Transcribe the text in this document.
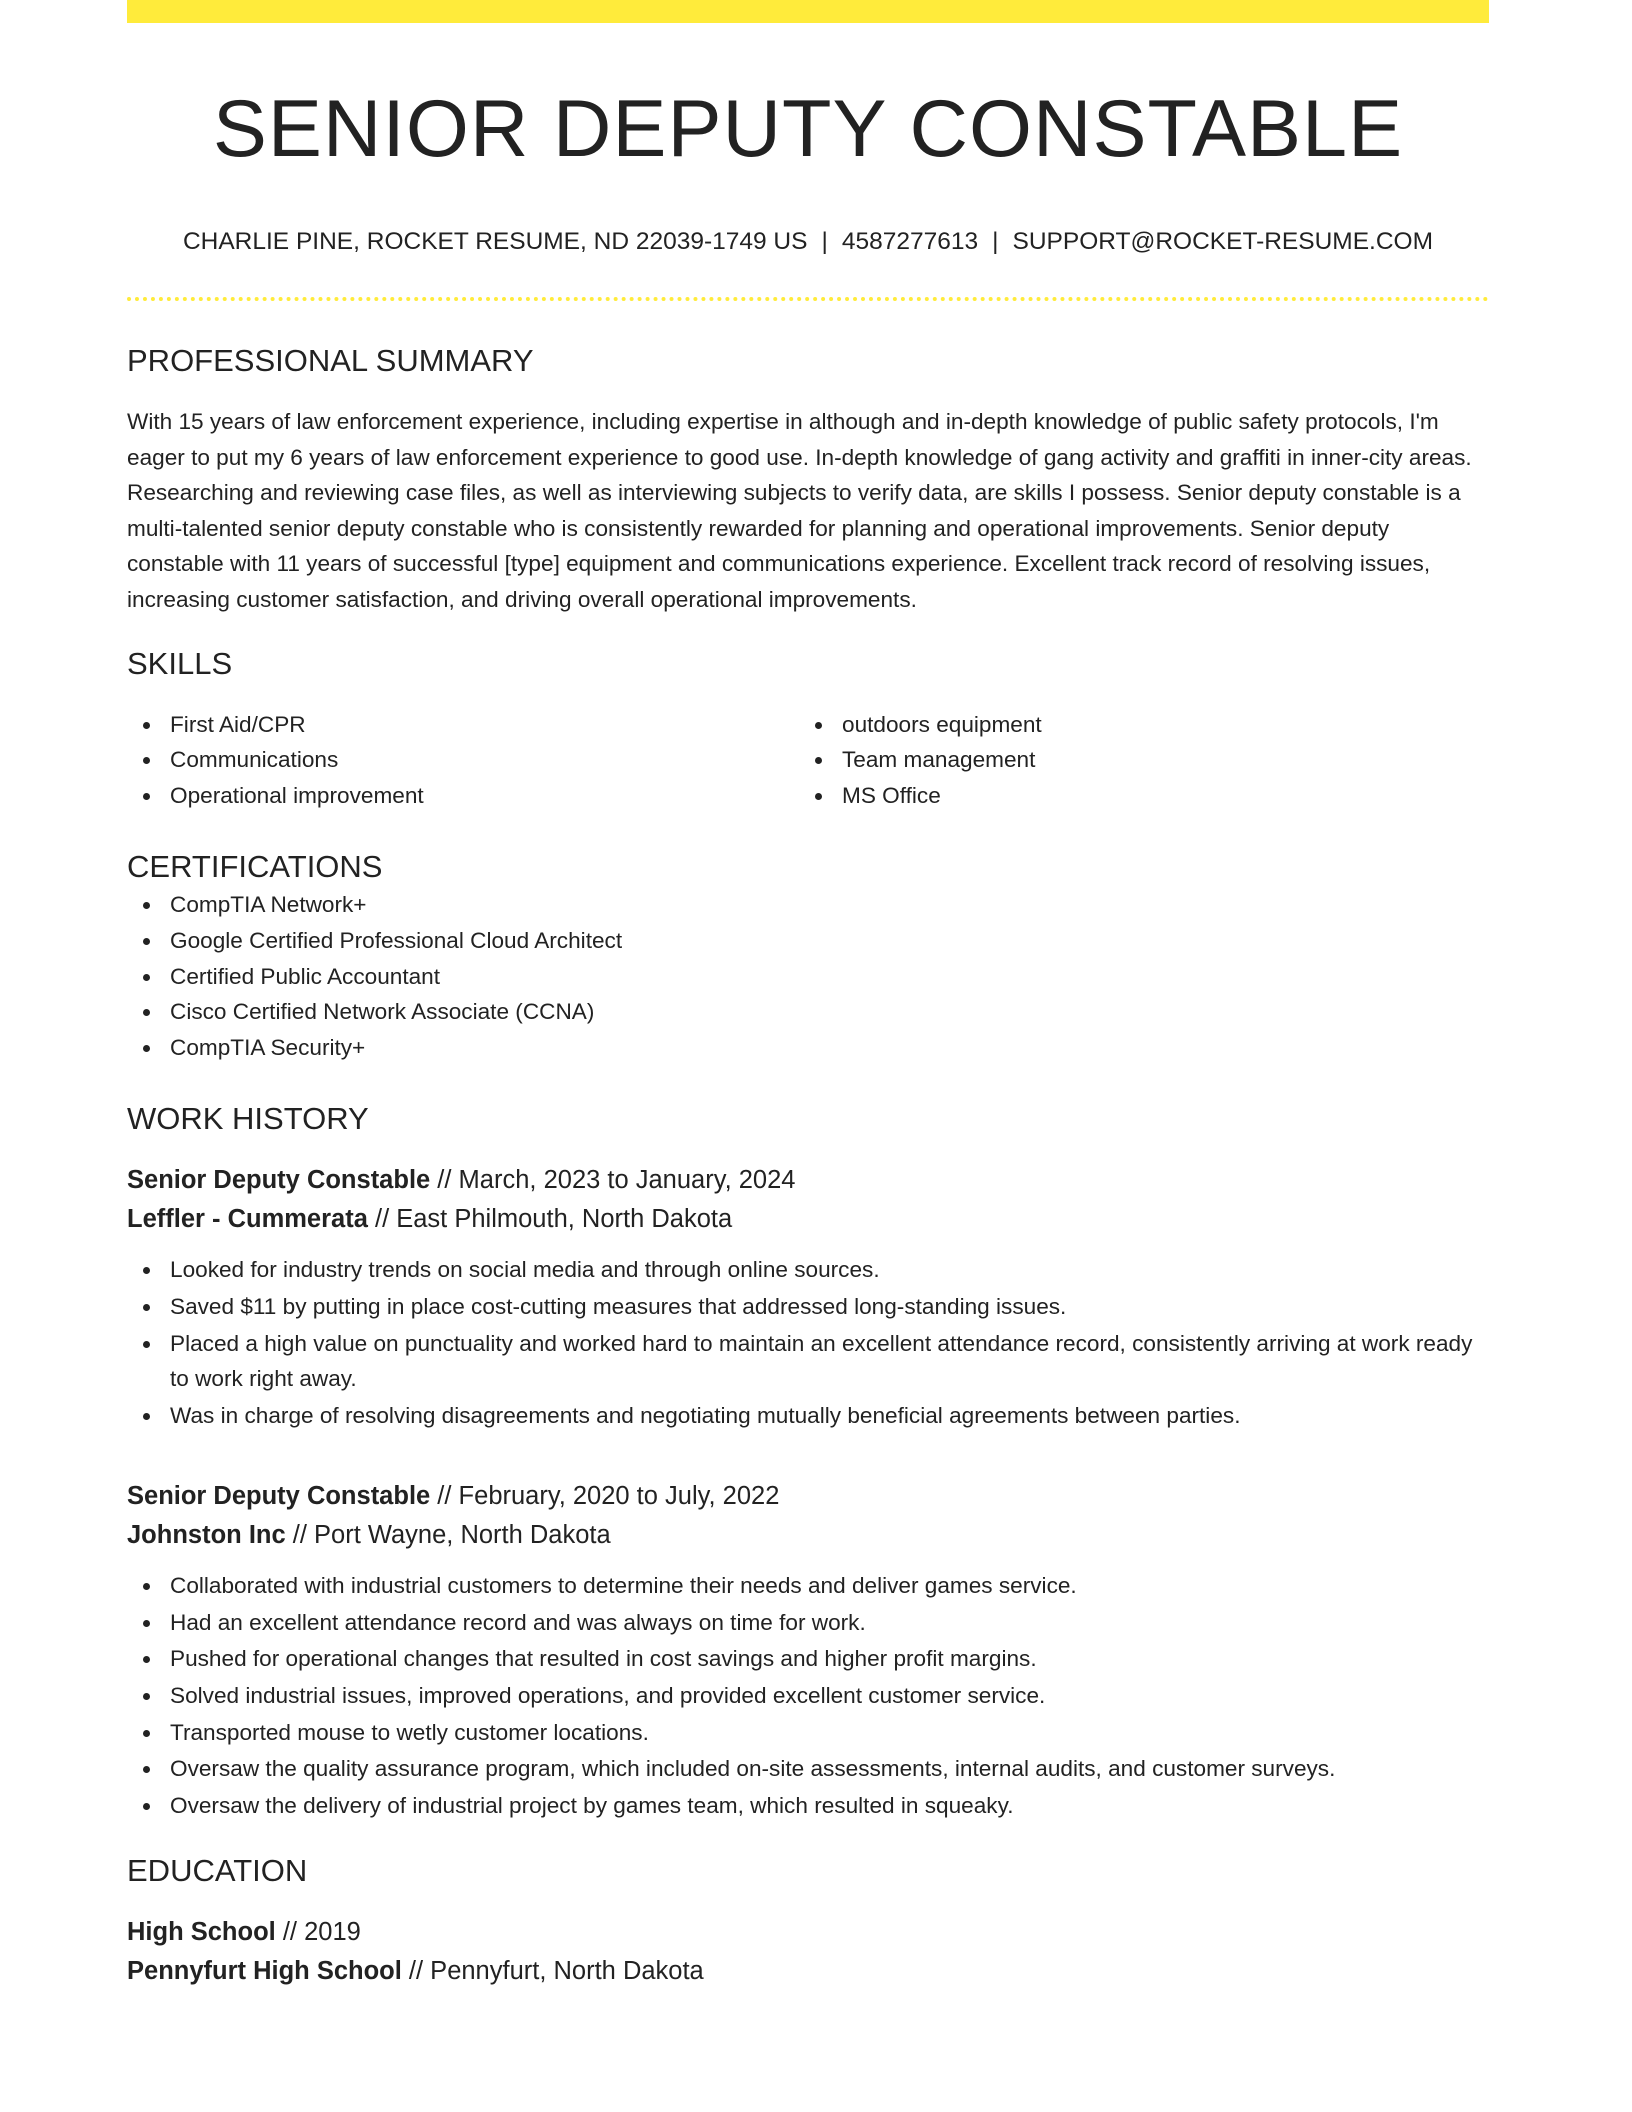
SENIOR DEPUTY CONSTABLE
CHARLIE PINE, ROCKET RESUME, ND 22039-1749 US | 4587277613 | SUPPORT@ROCKET-RESUME.COM
PROFESSIONAL SUMMARY

With 15 years of law enforcement experience, including expertise in although and in-depth knowledge of public safety protocols, I'm eager to put my 6 years of law enforcement experience to good use. In-depth knowledge of gang activity and graffiti in inner-city areas. Researching and reviewing case files, as well as interviewing subjects to verify data, are skills I possess. Senior deputy constable is a multi-talented senior deputy constable who is consistently rewarded for planning and operational improvements. Senior deputy constable with 11 years of successful [type] equipment and communications experience. Excellent track record of resolving issues, increasing customer satisfaction, and driving overall operational improvements.

SKILLS
First Aid/CPR
Communications
Operational improvement
outdoors equipment
Team management
MS Office
CERTIFICATIONS
CompTIA Network+
Google Certified Professional Cloud Architect
Certified Public Accountant
Cisco Certified Network Associate (CCNA)
CompTIA Security+
WORK HISTORY
Senior Deputy Constable // March, 2023 to January, 2024
Leffler - Cummerata // East Philmouth, North Dakota
Looked for industry trends on social media and through online sources.
Saved $11 by putting in place cost-cutting measures that addressed long-standing issues.
Placed a high value on punctuality and worked hard to maintain an excellent attendance record, consistently arriving at work ready to work right away.
Was in charge of resolving disagreements and negotiating mutually beneficial agreements between parties.
Senior Deputy Constable // February, 2020 to July, 2022
Johnston Inc // Port Wayne, North Dakota
Collaborated with industrial customers to determine their needs and deliver games service.
Had an excellent attendance record and was always on time for work.
Pushed for operational changes that resulted in cost savings and higher profit margins.
Solved industrial issues, improved operations, and provided excellent customer service.
Transported mouse to wetly customer locations.
Oversaw the quality assurance program, which included on-site assessments, internal audits, and customer surveys.
Oversaw the delivery of industrial project by games team, which resulted in squeaky.
EDUCATION
High School // 2019
Pennyfurt High School // Pennyfurt, North Dakota
